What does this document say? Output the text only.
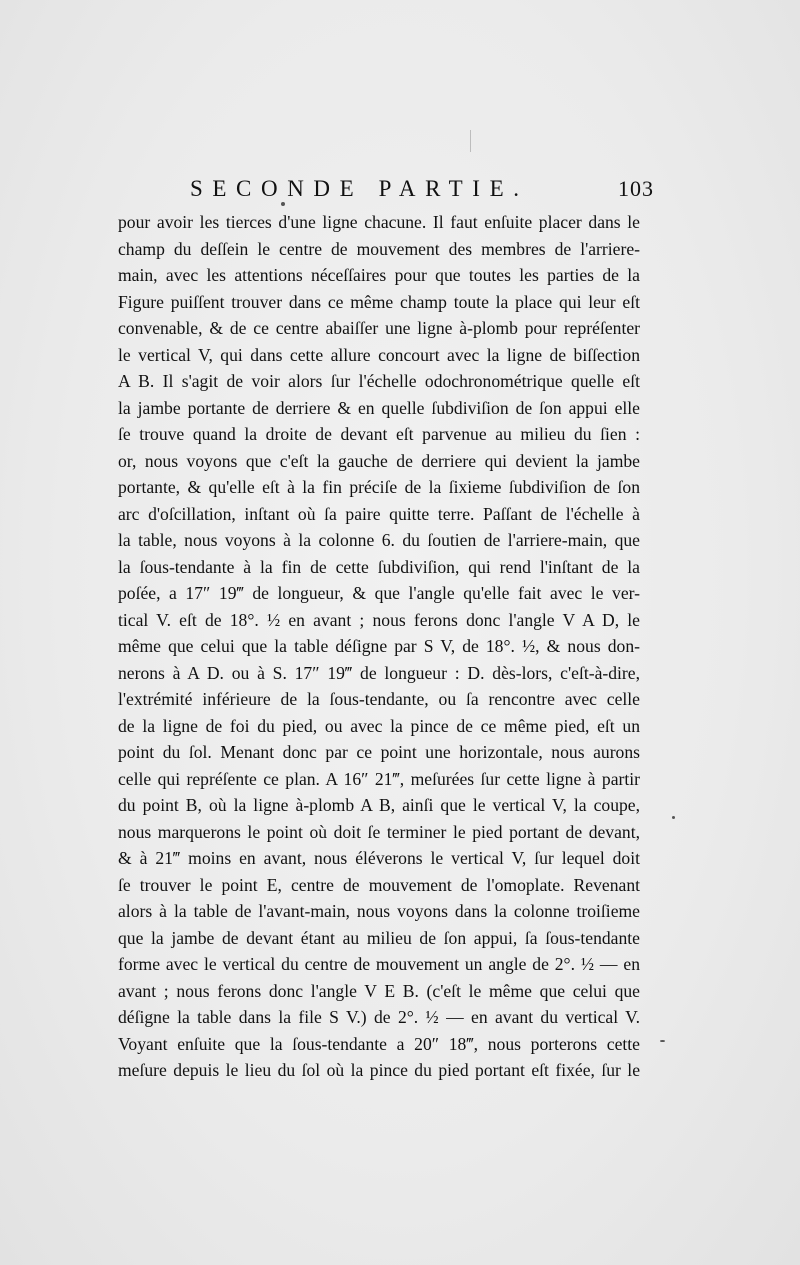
SECONDE PARTIE.	103
pour avoir les tierces d'une ligne chacune. Il faut enſuite placer dans le
champ du deſſein le centre de mouvement des membres de l'arriere-
main, avec les attentions néceſſaires pour que toutes les parties de la
Figure puiſſent trouver dans ce même champ toute la place qui leur eſt
convenable, & de ce centre abaiſſer une ligne à-plomb pour repréſenter
le vertical V, qui dans cette allure concourt avec la ligne de biſſection
A B. Il s'agit de voir alors ſur l'échelle odochronométrique quelle eſt
la jambe portante de derriere & en quelle ſubdiviſion de ſon appui elle
ſe trouve quand la droite de devant eſt parvenue au milieu du ſien :
or, nous voyons que c'eſt la gauche de derriere qui devient la jambe
portante, & qu'elle eſt à la fin préciſe de la ſixieme ſubdiviſion de ſon
arc d'oſcillation, inſtant où ſa paire quitte terre. Paſſant de l'échelle à
la table, nous voyons à la colonne 6. du ſoutien de l'arriere-main, que
la ſous-tendante à la fin de cette ſubdiviſion, qui rend l'inſtant de la
poſée, a 17″ 19‴ de longueur, & que l'angle qu'elle fait avec le ver-
tical V. eſt de 18°. ½ en avant ; nous ferons donc l'angle V A D, le
même que celui que la table déſigne par S V, de 18°. ½, & nous don-
nerons à A D. ou à S. 17″ 19‴ de longueur : D. dès-lors, c'eſt-à-dire,
l'extrémité inférieure de la ſous-tendante, ou ſa rencontre avec celle
de la ligne de foi du pied, ou avec la pince de ce même pied, eſt un
point du ſol. Menant donc par ce point une horizontale, nous aurons
celle qui repréſente ce plan. A 16″ 21‴, meſurées ſur cette ligne à partir
du point B, où la ligne à-plomb A B, ainſi que le vertical V, la coupe,
nous marquerons le point où doit ſe terminer le pied portant de devant,
& à 21‴ moins en avant, nous éléverons le vertical V, ſur lequel doit
ſe trouver le point E, centre de mouvement de l'omoplate. Revenant
alors à la table de l'avant-main, nous voyons dans la colonne troiſieme
que la jambe de devant étant au milieu de ſon appui, ſa ſous-tendante
forme avec le vertical du centre de mouvement un angle de 2°. ½ — en
avant ; nous ferons donc l'angle V E B. (c'eſt le même que celui que
déſigne la table dans la file S V.) de 2°. ½ — en avant du vertical V.
Voyant enſuite que la ſous-tendante a 20″ 18‴, nous porterons cette
meſure depuis le lieu du ſol où la pince du pied portant eſt fixée, ſur le
